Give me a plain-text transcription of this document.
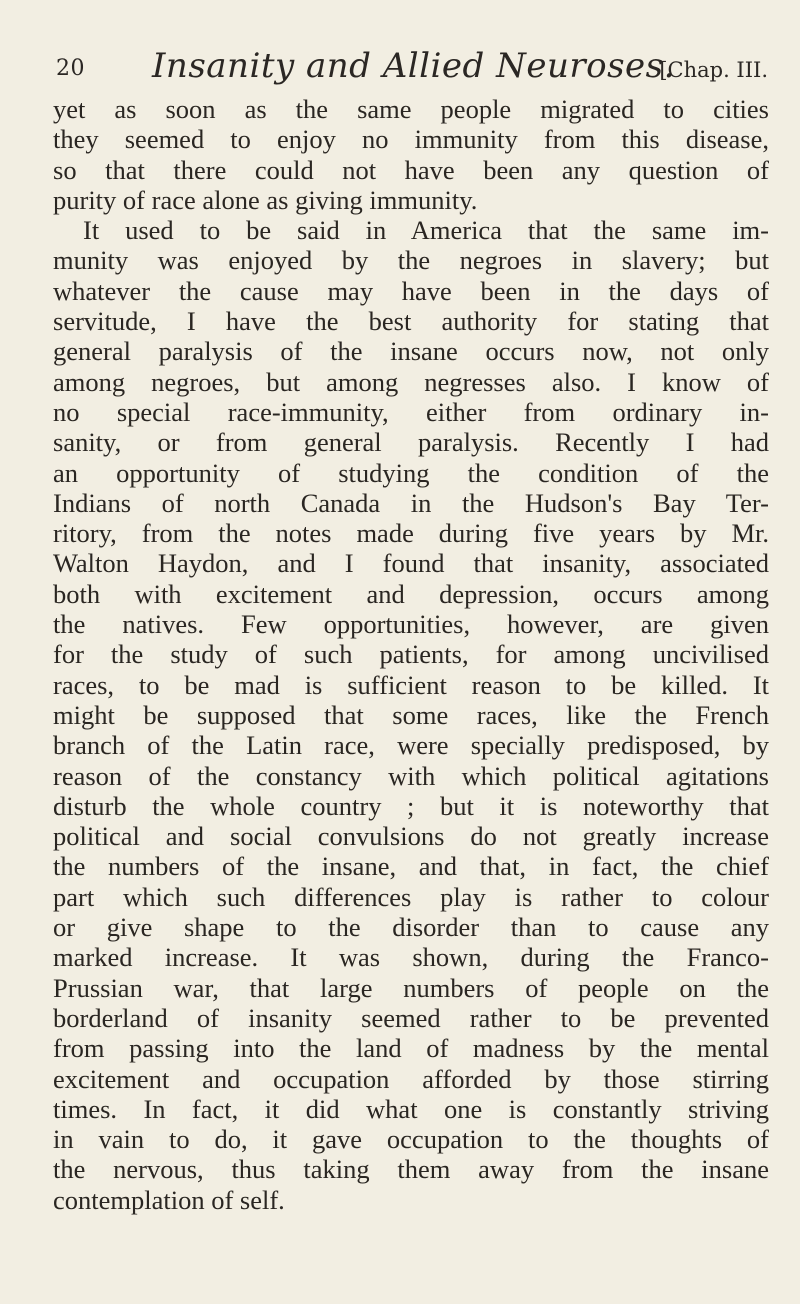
20 Insanity and Allied Neuroses.
[Chap. III.
yet as soon as the same people migrated to cities
they seemed to enjoy no immunity from this disease,
so that there could not have been any question of
purity of race alone as giving immunity.
It used to be said in America that the same im-
munity was enjoyed by the negroes in slavery; but
whatever the cause may have been in the days of
servitude, I have the best authority for stating that
general paralysis of the insane occurs now, not only
among negroes, but among negresses also. I know of
no special race-immunity, either from ordinary in-
sanity, or from general paralysis. Recently I had
an opportunity of studying the condition of the
Indians of north Canada in the Hudson's Bay Ter-
ritory, from the notes made during five years by Mr.
Walton Haydon, and I found that insanity, associated
both with excitement and depression, occurs among
the natives. Few opportunities, however, are given
for the study of such patients, for among uncivilised
races, to be mad is sufficient reason to be killed. It
might be supposed that some races, like the French
branch of the Latin race, were specially predisposed, by
reason of the constancy with which political agitations
disturb the whole country ; but it is noteworthy that
political and social convulsions do not greatly increase
the numbers of the insane, and that, in fact, the chief
part which such differences play is rather to colour
or give shape to the disorder than to cause any
marked increase. It was shown, during the Franco-
Prussian war, that large numbers of people on the
borderland of insanity seemed rather to be prevented
from passing into the land of madness by the mental
excitement and occupation afforded by those stirring
times. In fact, it did what one is constantly striving
in vain to do, it gave occupation to the thoughts of
the nervous, thus taking them away from the insane
contemplation of self.
